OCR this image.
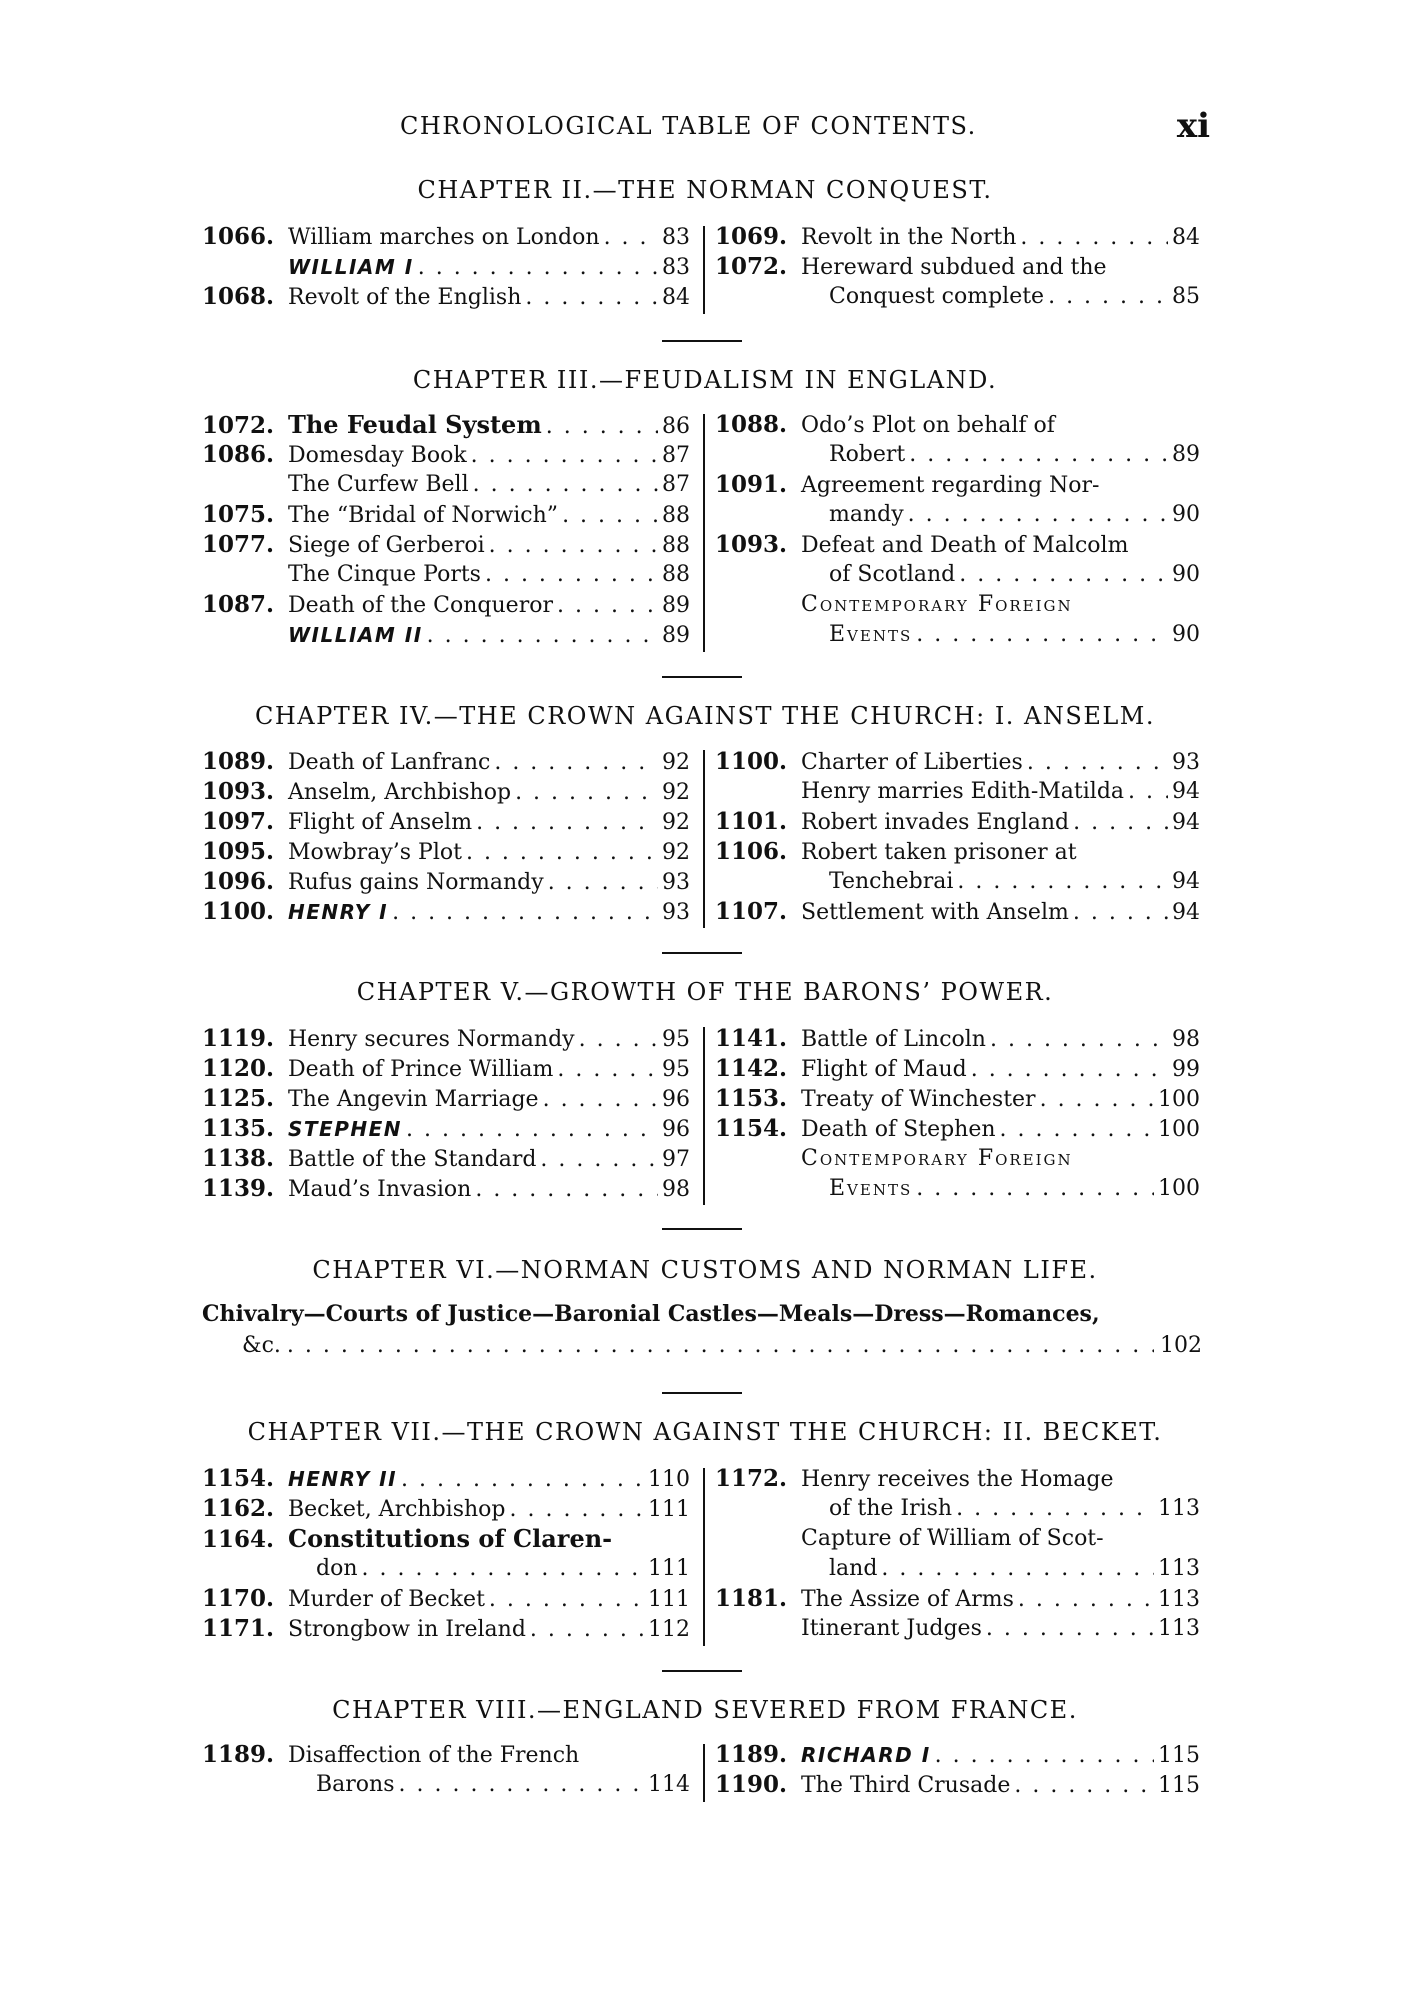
CHRONOLOGICAL TABLE OF CONTENTS.	xi
CHAPTER II.—THE NORMAN CONQUEST.
1066. William marches on London . . .	83
WILLIAM I . . .	83
1068. Revolt of the English . . .	84
1069. Revolt in the North . . .	84
1072. Hereward subdued and the
Conquest complete . . .	85
CHAPTER III.—FEUDALISM IN ENGLAND.
1072. The Feudal System . . .	86
1086. Domesday Book . . .	87
The Curfew Bell . . .	87
1075. The “Bridal of Norwich” . . .	88
1077. Siege of Gerberoi . . .	88
The Cinque Ports . . .	88
1087. Death of the Conqueror . . .	89
WILLIAM II . . .	89
1088. Odo’s Plot on behalf of
Robert . . .	89
1091. Agreement regarding Nor-
mandy . . .	90
1093. Defeat and Death of Malcolm
of Scotland . . .	90
Contemporary Foreign
Events . . .	90
CHAPTER IV.—THE CROWN AGAINST THE CHURCH: I. ANSELM.
1089. Death of Lanfranc . . .	92
1093. Anselm, Archbishop . . .	92
1097. Flight of Anselm . . .	92
1095. Mowbray’s Plot . . .	92
1096. Rufus gains Normandy . . .	93
1100. HENRY I . . .	93
1100. Charter of Liberties . . .	93
Henry marries Edith-Matilda . . . 94
1101. Robert invades England . . .	94
1106. Robert taken prisoner at
Tenchebrai . . .	94
1107. Settlement with Anselm . . .	94
CHAPTER V.—GROWTH OF THE BARONS’ POWER.
1119. Henry secures Normandy . . .	95
1120. Death of Prince William . . .	95
1125. The Angevin Marriage . . .	96
1135. STEPHEN . . .	96
1138. Battle of the Standard . . .	97
1139. Maud’s Invasion . . .	98
1141. Battle of Lincoln . . .	98
1142. Flight of Maud . . .	99
1153. Treaty of Winchester . . .	100
1154. Death of Stephen . . .	100
Contemporary Foreign
Events . . .	100
CHAPTER VI.—NORMAN CUSTOMS AND NORMAN LIFE.
Chivalry—Courts of Justice—Baronial Castles—Meals—Dress—Romances,
&c. . . .	102
CHAPTER VII.—THE CROWN AGAINST THE CHURCH: II. BECKET.
1154. HENRY II . . .	110
1162. Becket, Archbishop . . .	111
1164. Constitutions of Claren-
don . . .	111
1170. Murder of Becket . . .	111
1171. Strongbow in Ireland . . .	112
1172. Henry receives the Homage
of the Irish . . .	113
Capture of William of Scot-
land . . .	113
1181. The Assize of Arms . . .	113
Itinerant Judges . . .	113
CHAPTER VIII.—ENGLAND SEVERED FROM FRANCE.
1189. Disaffection of the French
Barons . . .	114
1189. RICHARD I . . .	115
1190. The Third Crusade . . .	115
